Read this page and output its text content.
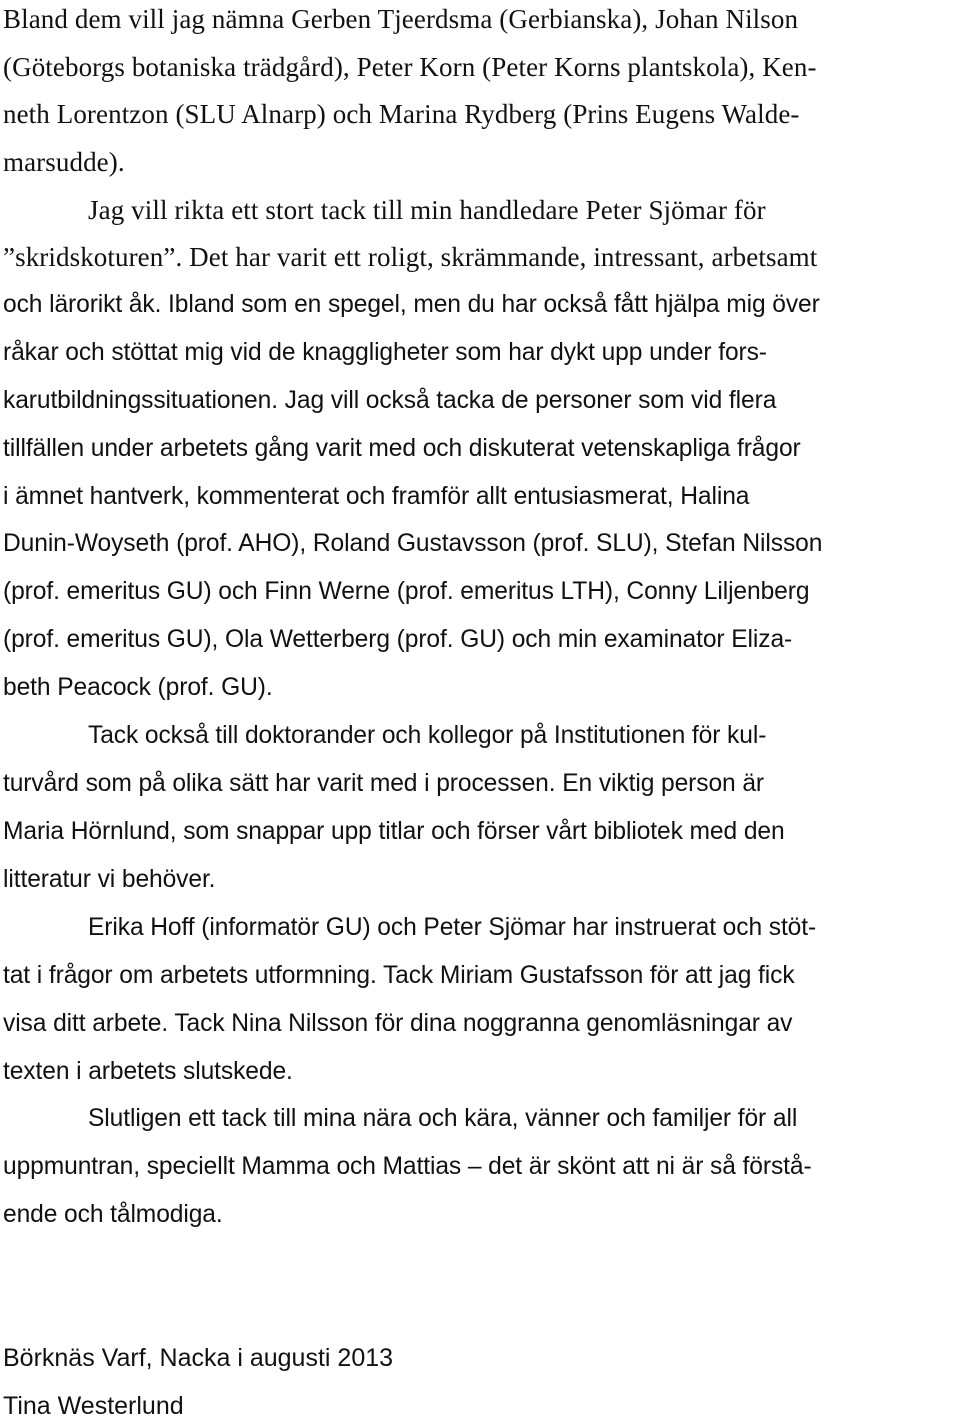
Bland dem vill jag nämna Gerben Tjeerdsma (Gerbianska), Johan Nilson
(Göteborgs botaniska trädgård), Peter Korn (Peter Korns plantskola), Ken-
neth Lorentzon (SLU Alnarp) och Marina Rydberg (Prins Eugens Walde-
marsudde).
Jag vill rikta ett stort tack till min handledare Peter Sjömar för
”skridskoturen”. Det har varit ett roligt, skrämmande, intressant, arbetsamt
och lärorikt åk. Ibland som en spegel, men du har också fått hjälpa mig över
råkar och stöttat mig vid de knaggligheter som har dykt upp under fors-
karutbildningssituationen. Jag vill också tacka de personer som vid flera
tillfällen under arbetets gång varit med och diskuterat vetenskapliga frågor
i ämnet hantverk, kommenterat och framför allt entusiasmerat, Halina
Dunin-Woyseth (prof. AHO), Roland Gustavsson (prof. SLU), Stefan Nilsson
(prof. emeritus GU) och Finn Werne (prof. emeritus LTH), Conny Liljenberg
(prof. emeritus GU), Ola Wetterberg (prof. GU) och min examinator Eliza-
beth Peacock (prof. GU).
Tack också till doktorander och kollegor på Institutionen för kul-
turvård som på olika sätt har varit med i processen. En viktig person är
Maria Hörnlund, som snappar upp titlar och förser vårt bibliotek med den
litteratur vi behöver.
Erika Hoff (informatör GU) och Peter Sjömar har instruerat och stöt-
tat i frågor om arbetets utformning. Tack Miriam Gustafsson för att jag fick
visa ditt arbete. Tack Nina Nilsson för dina noggranna genomläsningar av
texten i arbetets slutskede.
Slutligen ett tack till mina nära och kära, vänner och familjer för all
uppmuntran, speciellt Mamma och Mattias – det är skönt att ni är så förstå-
ende och tålmodiga.
Börknäs Varf, Nacka i augusti 2013
Tina Westerlund
